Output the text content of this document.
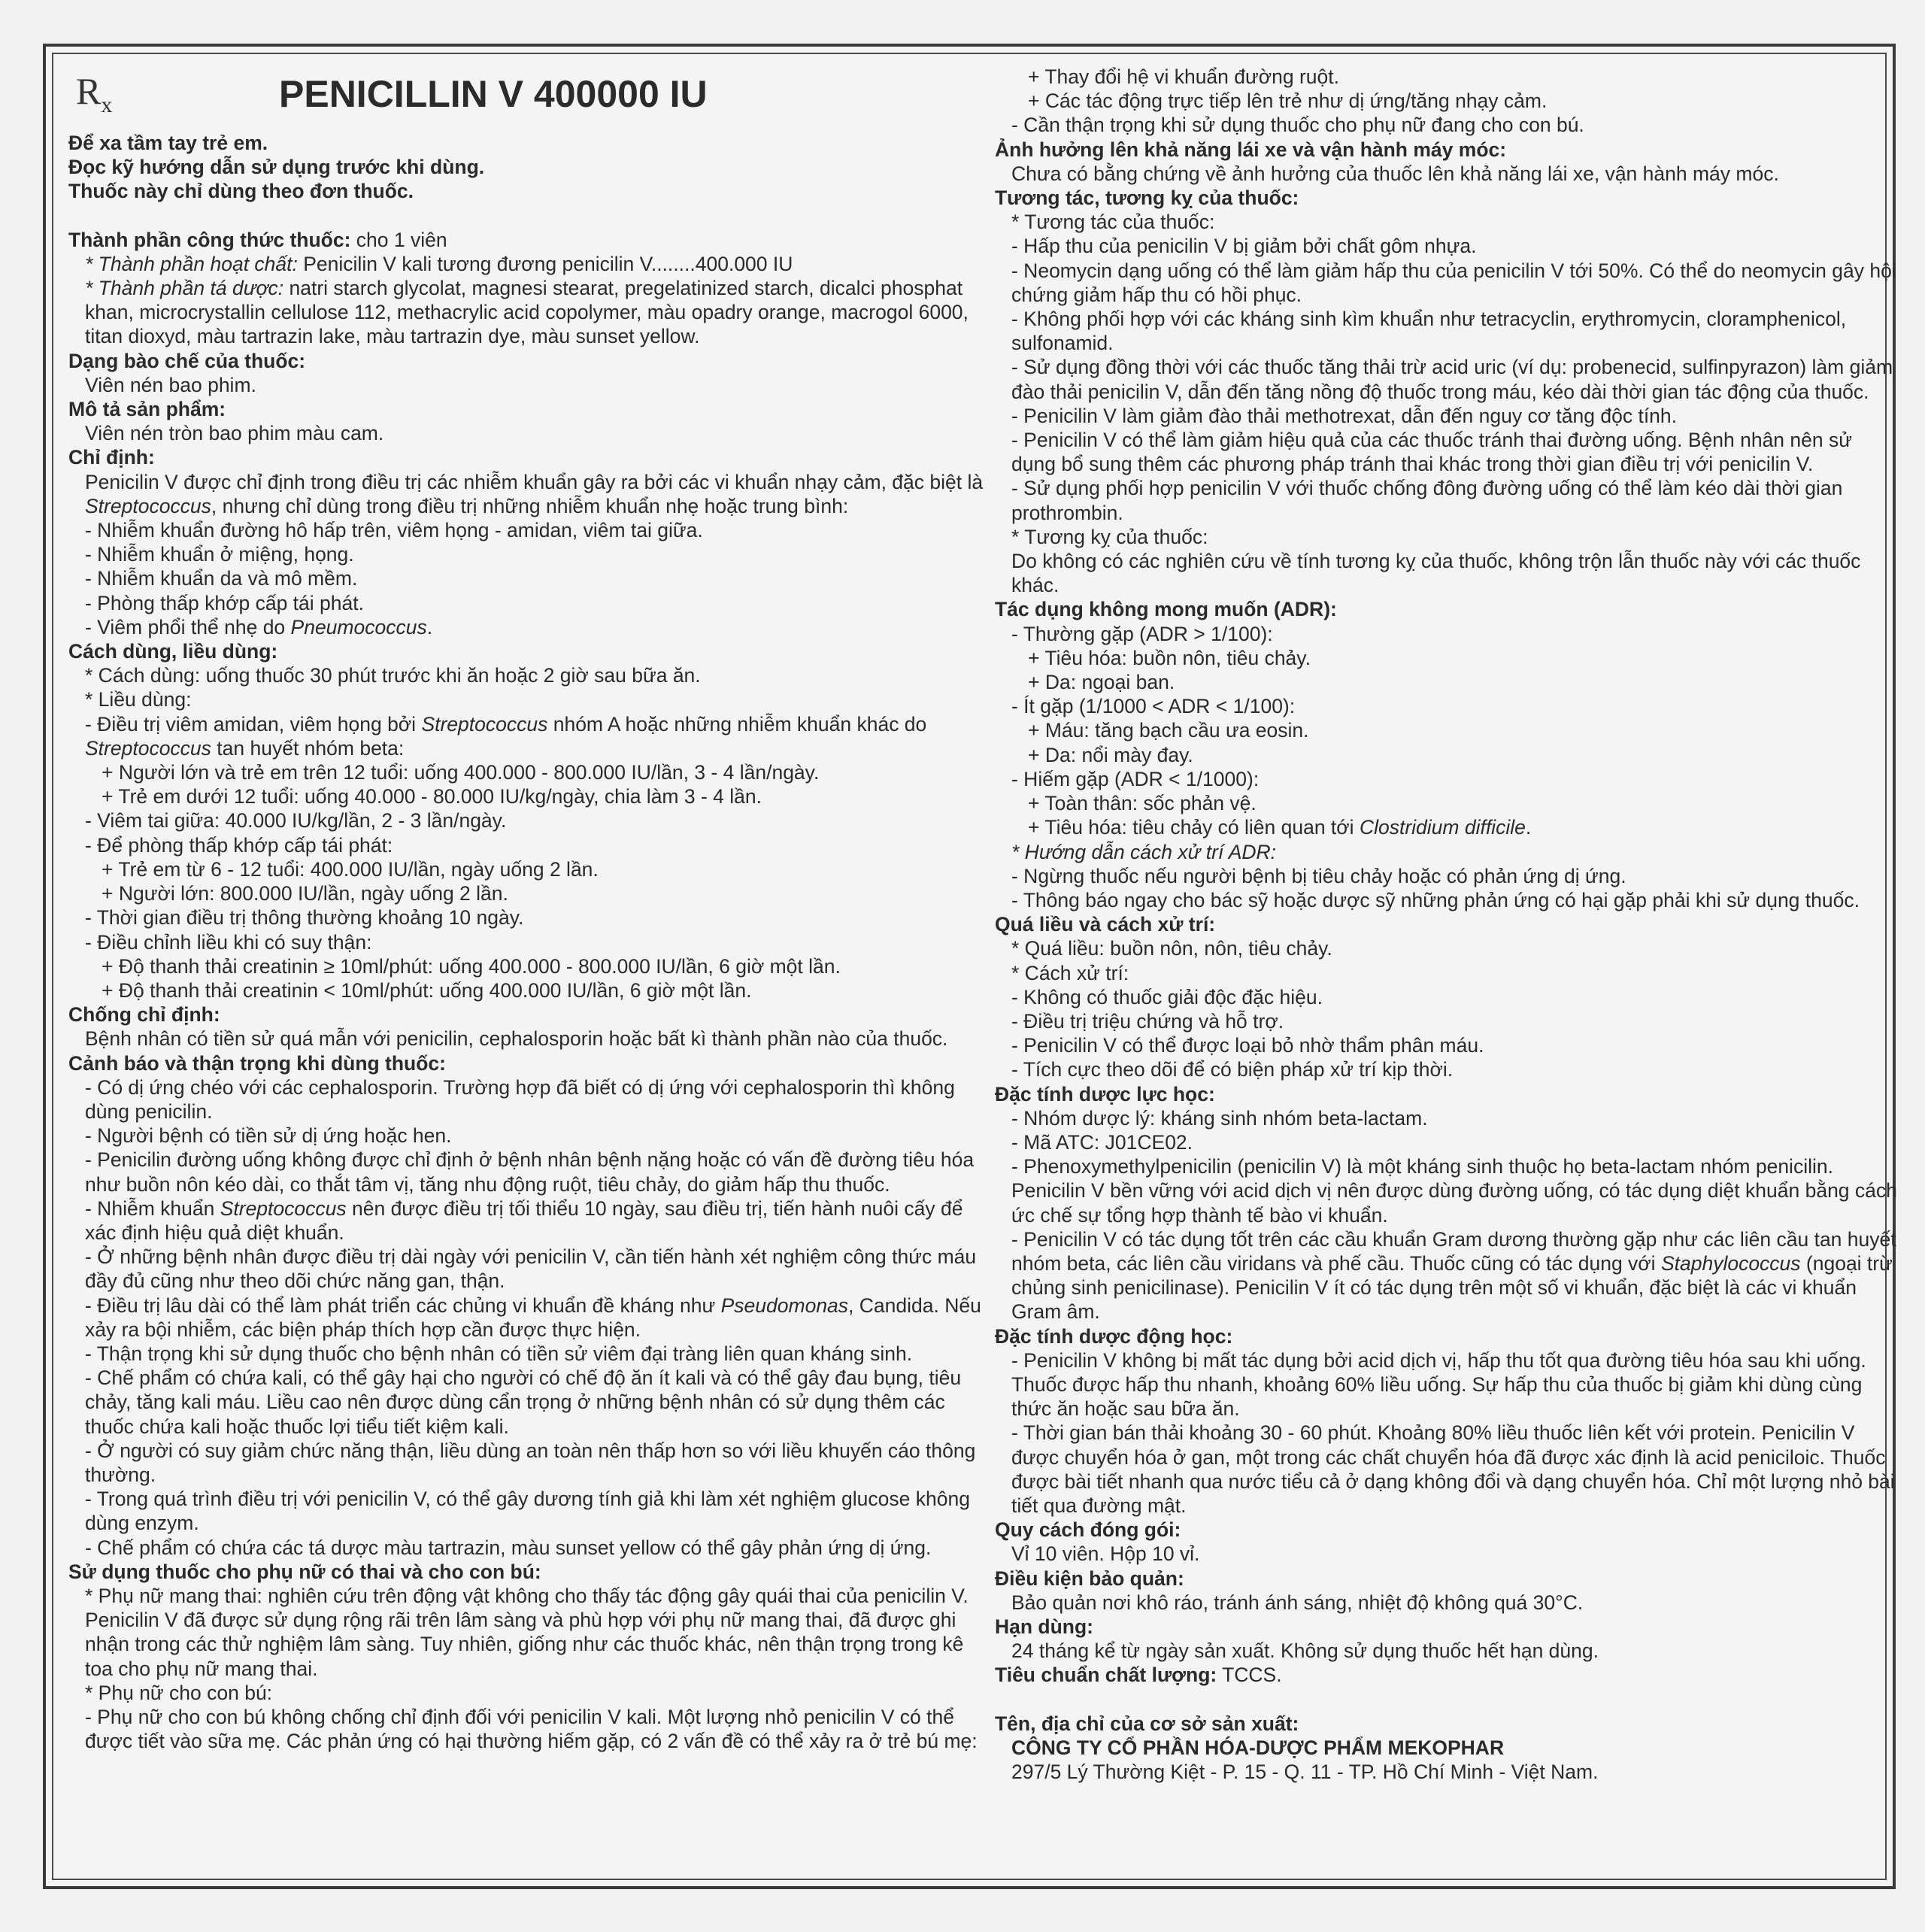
$R_x$	PENICILLIN V 400000 IU
Để xa tầm tay trẻ em.
Đọc kỹ hướng dẫn sử dụng trước khi dùng.
Thuốc này chỉ dùng theo đơn thuốc.
Thành phần công thức thuốc: cho 1 viên
* Thành phần hoạt chất: Penicilin V kali tương đương penicilin V........400.000 IU
* Thành phần tá dược: natri starch glycolat, magnesi stearat, pregelatinized starch, dicalci phosphat khan, microcrystallin cellulose 112, methacrylic acid copolymer, màu opadry orange, macrogol 6000, titan dioxyd, màu tartrazin lake, màu tartrazin dye, màu sunset yellow.
Dạng bào chế của thuốc:
Viên nén bao phim.
Mô tả sản phẩm:
Viên nén tròn bao phim màu cam.
Chỉ định:
Penicilin V được chỉ định trong điều trị các nhiễm khuẩn gây ra bởi các vi khuẩn nhạy cảm, đặc biệt là Streptococcus, nhưng chỉ dùng trong điều trị những nhiễm khuẩn nhẹ hoặc trung bình:
- Nhiễm khuẩn đường hô hấp trên, viêm họng - amidan, viêm tai giữa.
- Nhiễm khuẩn ở miệng, họng.
- Nhiễm khuẩn da và mô mềm.
- Phòng thấp khớp cấp tái phát.
- Viêm phổi thể nhẹ do Pneumococcus.
Cách dùng, liều dùng:
* Cách dùng: uống thuốc 30 phút trước khi ăn hoặc 2 giờ sau bữa ăn.
* Liều dùng:
- Điều trị viêm amidan, viêm họng bởi Streptococcus nhóm A hoặc những nhiễm khuẩn khác do Streptococcus tan huyết nhóm beta:
+ Người lớn và trẻ em trên 12 tuổi: uống 400.000 - 800.000 IU/lần, 3 - 4 lần/ngày.
+ Trẻ em dưới 12 tuổi: uống 40.000 - 80.000 IU/kg/ngày, chia làm 3 - 4 lần.
- Viêm tai giữa: 40.000 IU/kg/lần, 2 - 3 lần/ngày.
- Để phòng thấp khớp cấp tái phát:
+ Trẻ em từ 6 - 12 tuổi: 400.000 IU/lần, ngày uống 2 lần.
+ Người lớn: 800.000 IU/lần, ngày uống 2 lần.
- Thời gian điều trị thông thường khoảng 10 ngày.
- Điều chỉnh liều khi có suy thận:
+ Độ thanh thải creatinin ≥ 10ml/phút: uống 400.000 - 800.000 IU/lần, 6 giờ một lần.
+ Độ thanh thải creatinin < 10ml/phút: uống 400.000 IU/lần, 6 giờ một lần.
Chống chỉ định:
Bệnh nhân có tiền sử quá mẫn với penicilin, cephalosporin hoặc bất kì thành phần nào của thuốc.
Cảnh báo và thận trọng khi dùng thuốc:
- Có dị ứng chéo với các cephalosporin. Trường hợp đã biết có dị ứng với cephalosporin thì không dùng penicilin.
- Người bệnh có tiền sử dị ứng hoặc hen.
- Penicilin đường uống không được chỉ định ở bệnh nhân bệnh nặng hoặc có vấn đề đường tiêu hóa như buồn nôn kéo dài, co thắt tâm vị, tăng nhu động ruột, tiêu chảy, do giảm hấp thu thuốc.
- Nhiễm khuẩn Streptococcus nên được điều trị tối thiểu 10 ngày, sau điều trị, tiến hành nuôi cấy để xác định hiệu quả diệt khuẩn.
- Ở những bệnh nhân được điều trị dài ngày với penicilin V, cần tiến hành xét nghiệm công thức máu đầy đủ cũng như theo dõi chức năng gan, thận.
- Điều trị lâu dài có thể làm phát triển các chủng vi khuẩn đề kháng như Pseudomonas, Candida. Nếu xảy ra bội nhiễm, các biện pháp thích hợp cần được thực hiện.
- Thận trọng khi sử dụng thuốc cho bệnh nhân có tiền sử viêm đại tràng liên quan kháng sinh.
- Chế phẩm có chứa kali, có thể gây hại cho người có chế độ ăn ít kali và có thể gây đau bụng, tiêu chảy, tăng kali máu. Liều cao nên được dùng cẩn trọng ở những bệnh nhân có sử dụng thêm các thuốc chứa kali hoặc thuốc lợi tiểu tiết kiệm kali.
- Ở người có suy giảm chức năng thận, liều dùng an toàn nên thấp hơn so với liều khuyến cáo thông thường.
- Trong quá trình điều trị với penicilin V, có thể gây dương tính giả khi làm xét nghiệm glucose không dùng enzym.
- Chế phẩm có chứa các tá dược màu tartrazin, màu sunset yellow có thể gây phản ứng dị ứng.
Sử dụng thuốc cho phụ nữ có thai và cho con bú:
* Phụ nữ mang thai: nghiên cứu trên động vật không cho thấy tác động gây quái thai của penicilin V. Penicilin V đã được sử dụng rộng rãi trên lâm sàng và phù hợp với phụ nữ mang thai, đã được ghi nhận trong các thử nghiệm lâm sàng. Tuy nhiên, giống như các thuốc khác, nên thận trọng trong kê toa cho phụ nữ mang thai.
* Phụ nữ cho con bú:
- Phụ nữ cho con bú không chống chỉ định đối với penicilin V kali. Một lượng nhỏ penicilin V có thể được tiết vào sữa mẹ. Các phản ứng có hại thường hiếm gặp, có 2 vấn đề có thể xảy ra ở trẻ bú mẹ:
+ Thay đổi hệ vi khuẩn đường ruột.
+ Các tác động trực tiếp lên trẻ như dị ứng/tăng nhạy cảm.
- Cần thận trọng khi sử dụng thuốc cho phụ nữ đang cho con bú.
Ảnh hưởng lên khả năng lái xe và vận hành máy móc:
Chưa có bằng chứng về ảnh hưởng của thuốc lên khả năng lái xe, vận hành máy móc.
Tương tác, tương kỵ của thuốc:
* Tương tác của thuốc:
- Hấp thu của penicilin V bị giảm bởi chất gôm nhựa.
- Neomycin dạng uống có thể làm giảm hấp thu của penicilin V tới 50%. Có thể do neomycin gây hội chứng giảm hấp thu có hồi phục.
- Không phối hợp với các kháng sinh kìm khuẩn như tetracyclin, erythromycin, cloramphenicol, sulfonamid.
- Sử dụng đồng thời với các thuốc tăng thải trừ acid uric (ví dụ: probenecid, sulfinpyrazon) làm giảm đào thải penicilin V, dẫn đến tăng nồng độ thuốc trong máu, kéo dài thời gian tác động của thuốc.
- Penicilin V làm giảm đào thải methotrexat, dẫn đến nguy cơ tăng độc tính.
- Penicilin V có thể làm giảm hiệu quả của các thuốc tránh thai đường uống. Bệnh nhân nên sử dụng bổ sung thêm các phương pháp tránh thai khác trong thời gian điều trị với penicilin V.
- Sử dụng phối hợp penicilin V với thuốc chống đông đường uống có thể làm kéo dài thời gian prothrombin.
* Tương kỵ của thuốc:
Do không có các nghiên cứu về tính tương kỵ của thuốc, không trộn lẫn thuốc này với các thuốc khác.
Tác dụng không mong muốn (ADR):
- Thường gặp (ADR > 1/100):
+ Tiêu hóa: buồn nôn, tiêu chảy.
+ Da: ngoại ban.
- Ít gặp (1/1000 < ADR < 1/100):
+ Máu: tăng bạch cầu ưa eosin.
+ Da: nổi mày đay.
- Hiếm gặp (ADR < 1/1000):
+ Toàn thân: sốc phản vệ.
+ Tiêu hóa: tiêu chảy có liên quan tới Clostridium difficile.
* Hướng dẫn cách xử trí ADR:
- Ngừng thuốc nếu người bệnh bị tiêu chảy hoặc có phản ứng dị ứng.
- Thông báo ngay cho bác sỹ hoặc dược sỹ những phản ứng có hại gặp phải khi sử dụng thuốc.
Quá liều và cách xử trí:
* Quá liều: buồn nôn, nôn, tiêu chảy.
* Cách xử trí:
- Không có thuốc giải độc đặc hiệu.
- Điều trị triệu chứng và hỗ trợ.
- Penicilin V có thể được loại bỏ nhờ thẩm phân máu.
- Tích cực theo dõi để có biện pháp xử trí kịp thời.
Đặc tính dược lực học:
- Nhóm dược lý: kháng sinh nhóm beta-lactam.
- Mã ATC: J01CE02.
- Phenoxymethylpenicilin (penicilin V) là một kháng sinh thuộc họ beta-lactam nhóm penicilin. Penicilin V bền vững với acid dịch vị nên được dùng đường uống, có tác dụng diệt khuẩn bằng cách ức chế sự tổng hợp thành tế bào vi khuẩn.
- Penicilin V có tác dụng tốt trên các cầu khuẩn Gram dương thường gặp như các liên cầu tan huyết nhóm beta, các liên cầu viridans và phế cầu. Thuốc cũng có tác dụng với Staphylococcus (ngoại trừ chủng sinh penicilinase). Penicilin V ít có tác dụng trên một số vi khuẩn, đặc biệt là các vi khuẩn Gram âm.
Đặc tính dược động học:
- Penicilin V không bị mất tác dụng bởi acid dịch vị, hấp thu tốt qua đường tiêu hóa sau khi uống. Thuốc được hấp thu nhanh, khoảng 60% liều uống. Sự hấp thu của thuốc bị giảm khi dùng cùng thức ăn hoặc sau bữa ăn.
- Thời gian bán thải khoảng 30 - 60 phút. Khoảng 80% liều thuốc liên kết với protein. Penicilin V được chuyển hóa ở gan, một trong các chất chuyển hóa đã được xác định là acid peniciloic. Thuốc được bài tiết nhanh qua nước tiểu cả ở dạng không đổi và dạng chuyển hóa. Chỉ một lượng nhỏ bài tiết qua đường mật.
Quy cách đóng gói:
Vỉ 10 viên. Hộp 10 vỉ.
Điều kiện bảo quản:
Bảo quản nơi khô ráo, tránh ánh sáng, nhiệt độ không quá 30°C.
Hạn dùng:
24 tháng kể từ ngày sản xuất. Không sử dụng thuốc hết hạn dùng.
Tiêu chuẩn chất lượng: TCCS.
Tên, địa chỉ của cơ sở sản xuất:
CÔNG TY CỔ PHẦN HÓA-DƯỢC PHẨM MEKOPHAR
297/5 Lý Thường Kiệt - P. 15 - Q. 11 - TP. Hồ Chí Minh - Việt Nam.
